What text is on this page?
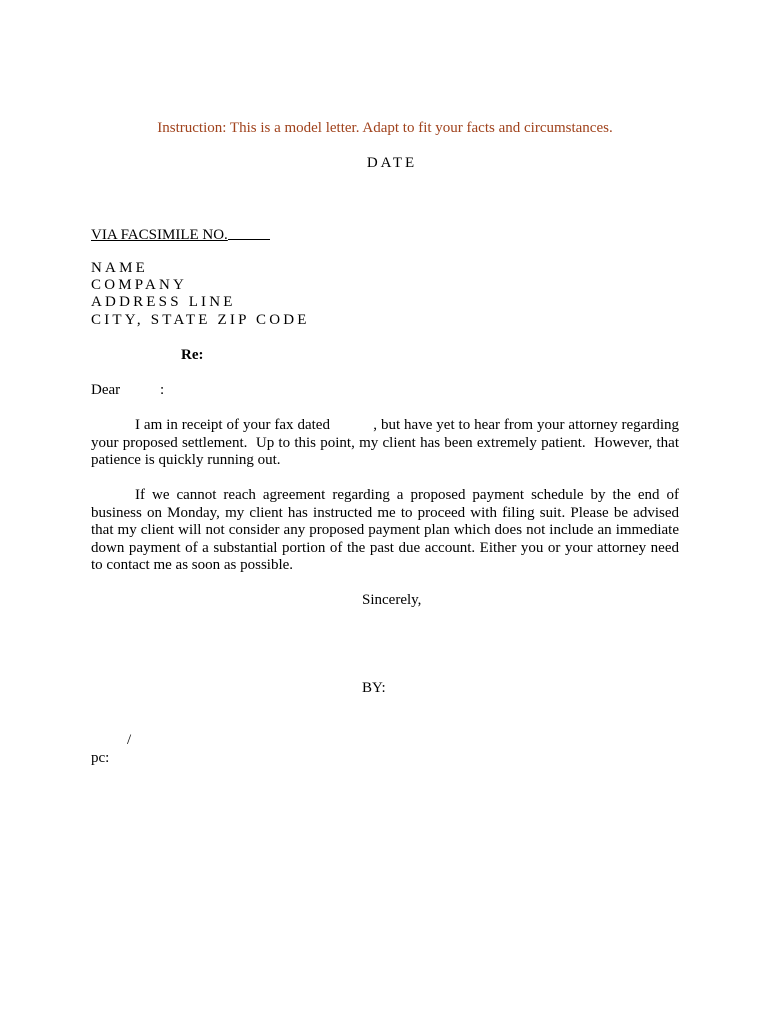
Instruction: This is a model letter. Adapt to fit your facts and circumstances.
DATE
VIA FACSIMILE NO.
NAME
COMPANY
ADDRESS LINE
CITY, STATE ZIP CODE
Re:
Dear	:
I am in receipt of your fax dated           , but have yet to hear from your attorney regarding your proposed settlement.  Up to this point, my client has been extremely patient.  However, that patience is quickly running out.
If we cannot reach agreement regarding a proposed payment schedule by the end of business on Monday, my client has instructed me to proceed with filing suit. Please be advised that my client will not consider any proposed payment plan which does not include an immediate down payment of a substantial portion of the past due account. Either you or your attorney need to contact me as soon as possible.
Sincerely,
BY:
/
pc:
